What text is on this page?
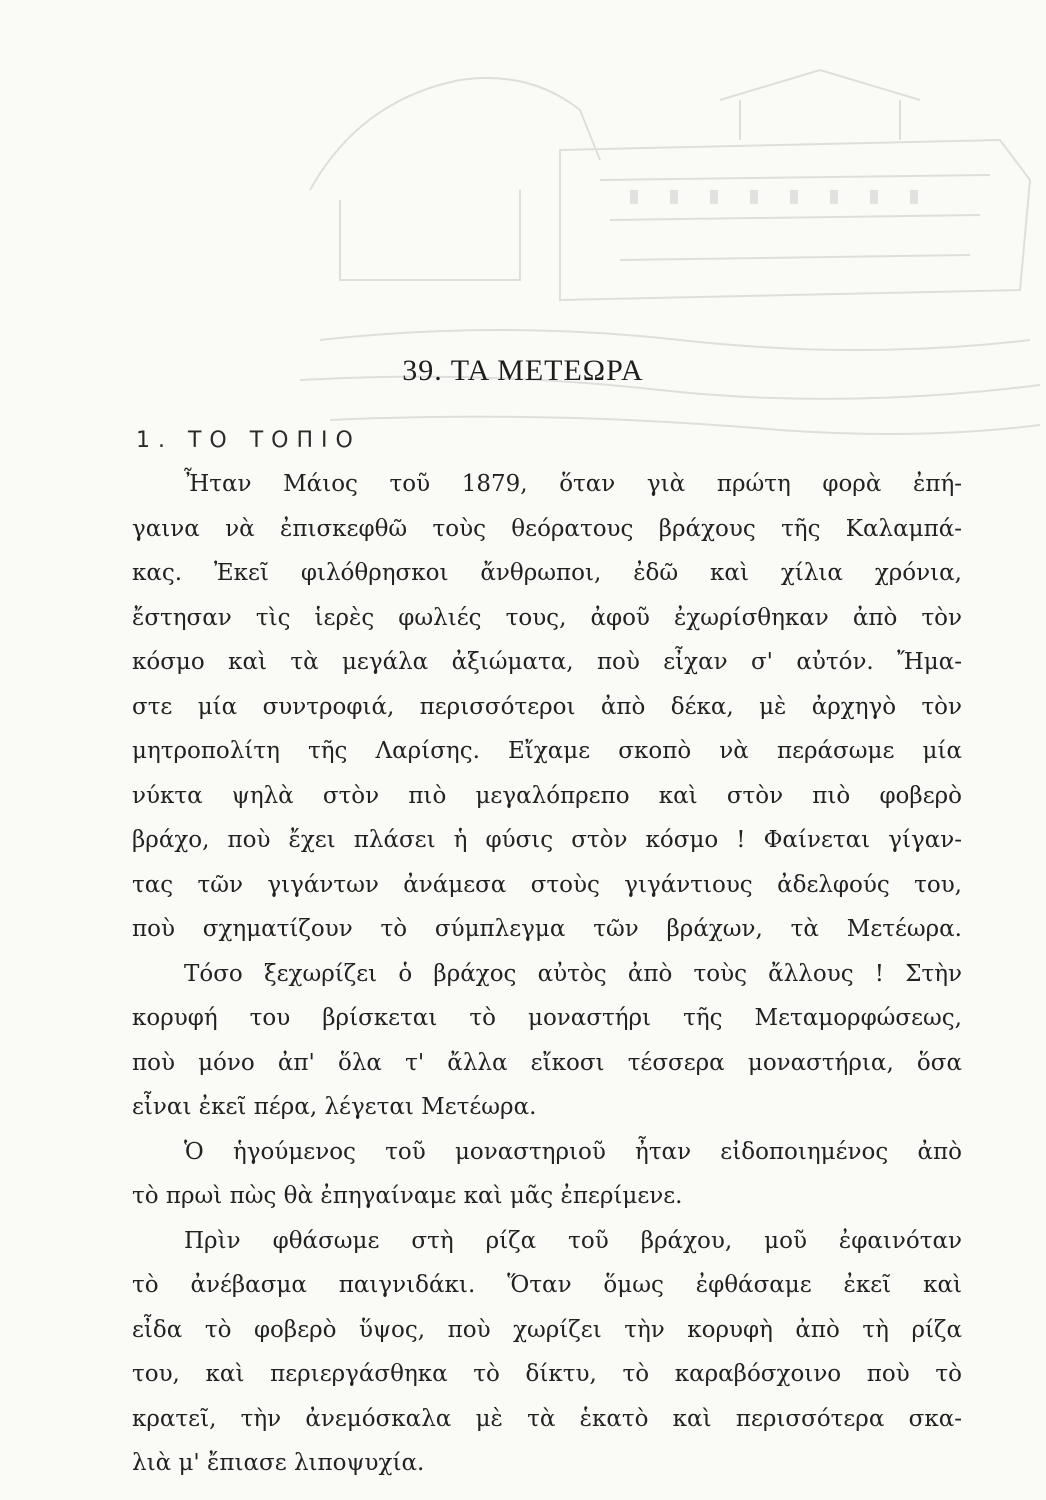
39. ΤΑ ΜΕΤΕΩΡΑ
1. ΤΟ ΤΟΠΙΟ
Ἦταν Μάιος τοῦ 1879, ὅταν γιὰ πρώτη φορὰ ἐπή-
γαινα νὰ ἐπισκεφθῶ τοὺς θεόρατους βράχους τῆς Καλαμπά-
κας. Ἐκεῖ φιλόθρησκοι ἄνθρωποι, ἐδῶ καὶ χίλια χρόνια,
ἔστησαν τὶς ἱερὲς φωλιές τους, ἀφοῦ ἐχωρίσθηκαν ἀπὸ τὸν
κόσμο καὶ τὰ μεγάλα ἀξιώματα, ποὺ εἶχαν σ' αὐτόν. Ἤμα-
στε μία συντροφιά, περισσότεροι ἀπὸ δέκα, μὲ ἀρχηγὸ τὸν
μητροπολίτη τῆς Λαρίσης. Εἴχαμε σκοπὸ νὰ περάσωμε μία
νύκτα ψηλὰ στὸν πιὸ μεγαλόπρεπο καὶ στὸν πιὸ φοβερὸ
βράχο, ποὺ ἔχει πλάσει ἡ φύσις στὸν κόσμο ! Φαίνεται γίγαν-
τας τῶν γιγάντων ἀνάμεσα στοὺς γιγάντιους ἀδελφούς του,
ποὺ σχηματίζουν τὸ σύμπλεγμα τῶν βράχων, τὰ Μετέωρα.
Τόσο ξεχωρίζει ὁ βράχος αὐτὸς ἀπὸ τοὺς ἄλλους ! Στὴν
κορυφή του βρίσκεται τὸ μοναστήρι τῆς Μεταμορφώσεως,
ποὺ μόνο ἀπ' ὅλα τ' ἄλλα εἴκοσι τέσσερα μοναστήρια, ὅσα
εἶναι ἐκεῖ πέρα, λέγεται Μετέωρα.
Ὁ ἡγούμενος τοῦ μοναστηριοῦ ἦταν εἰδοποιημένος ἀπὸ
τὸ πρωὶ πὼς θὰ ἐπηγαίναμε καὶ μᾶς ἐπερίμενε.
Πρὶν φθάσωμε στὴ ρίζα τοῦ βράχου, μοῦ ἐφαινόταν
τὸ ἀνέβασμα παιγνιδάκι. Ὅταν ὅμως ἐφθάσαμε ἐκεῖ καὶ
εἶδα τὸ φοβερὸ ὕψος, ποὺ χωρίζει τὴν κορυφὴ ἀπὸ τὴ ρίζα
του, καὶ περιεργάσθηκα τὸ δίκτυ, τὸ καραβόσχοινο ποὺ τὸ
κρατεῖ, τὴν ἀνεμόσκαλα μὲ τὰ ἑκατὸ καὶ περισσότερα σκα-
λιὰ μ' ἔπιασε λιποψυχία.
